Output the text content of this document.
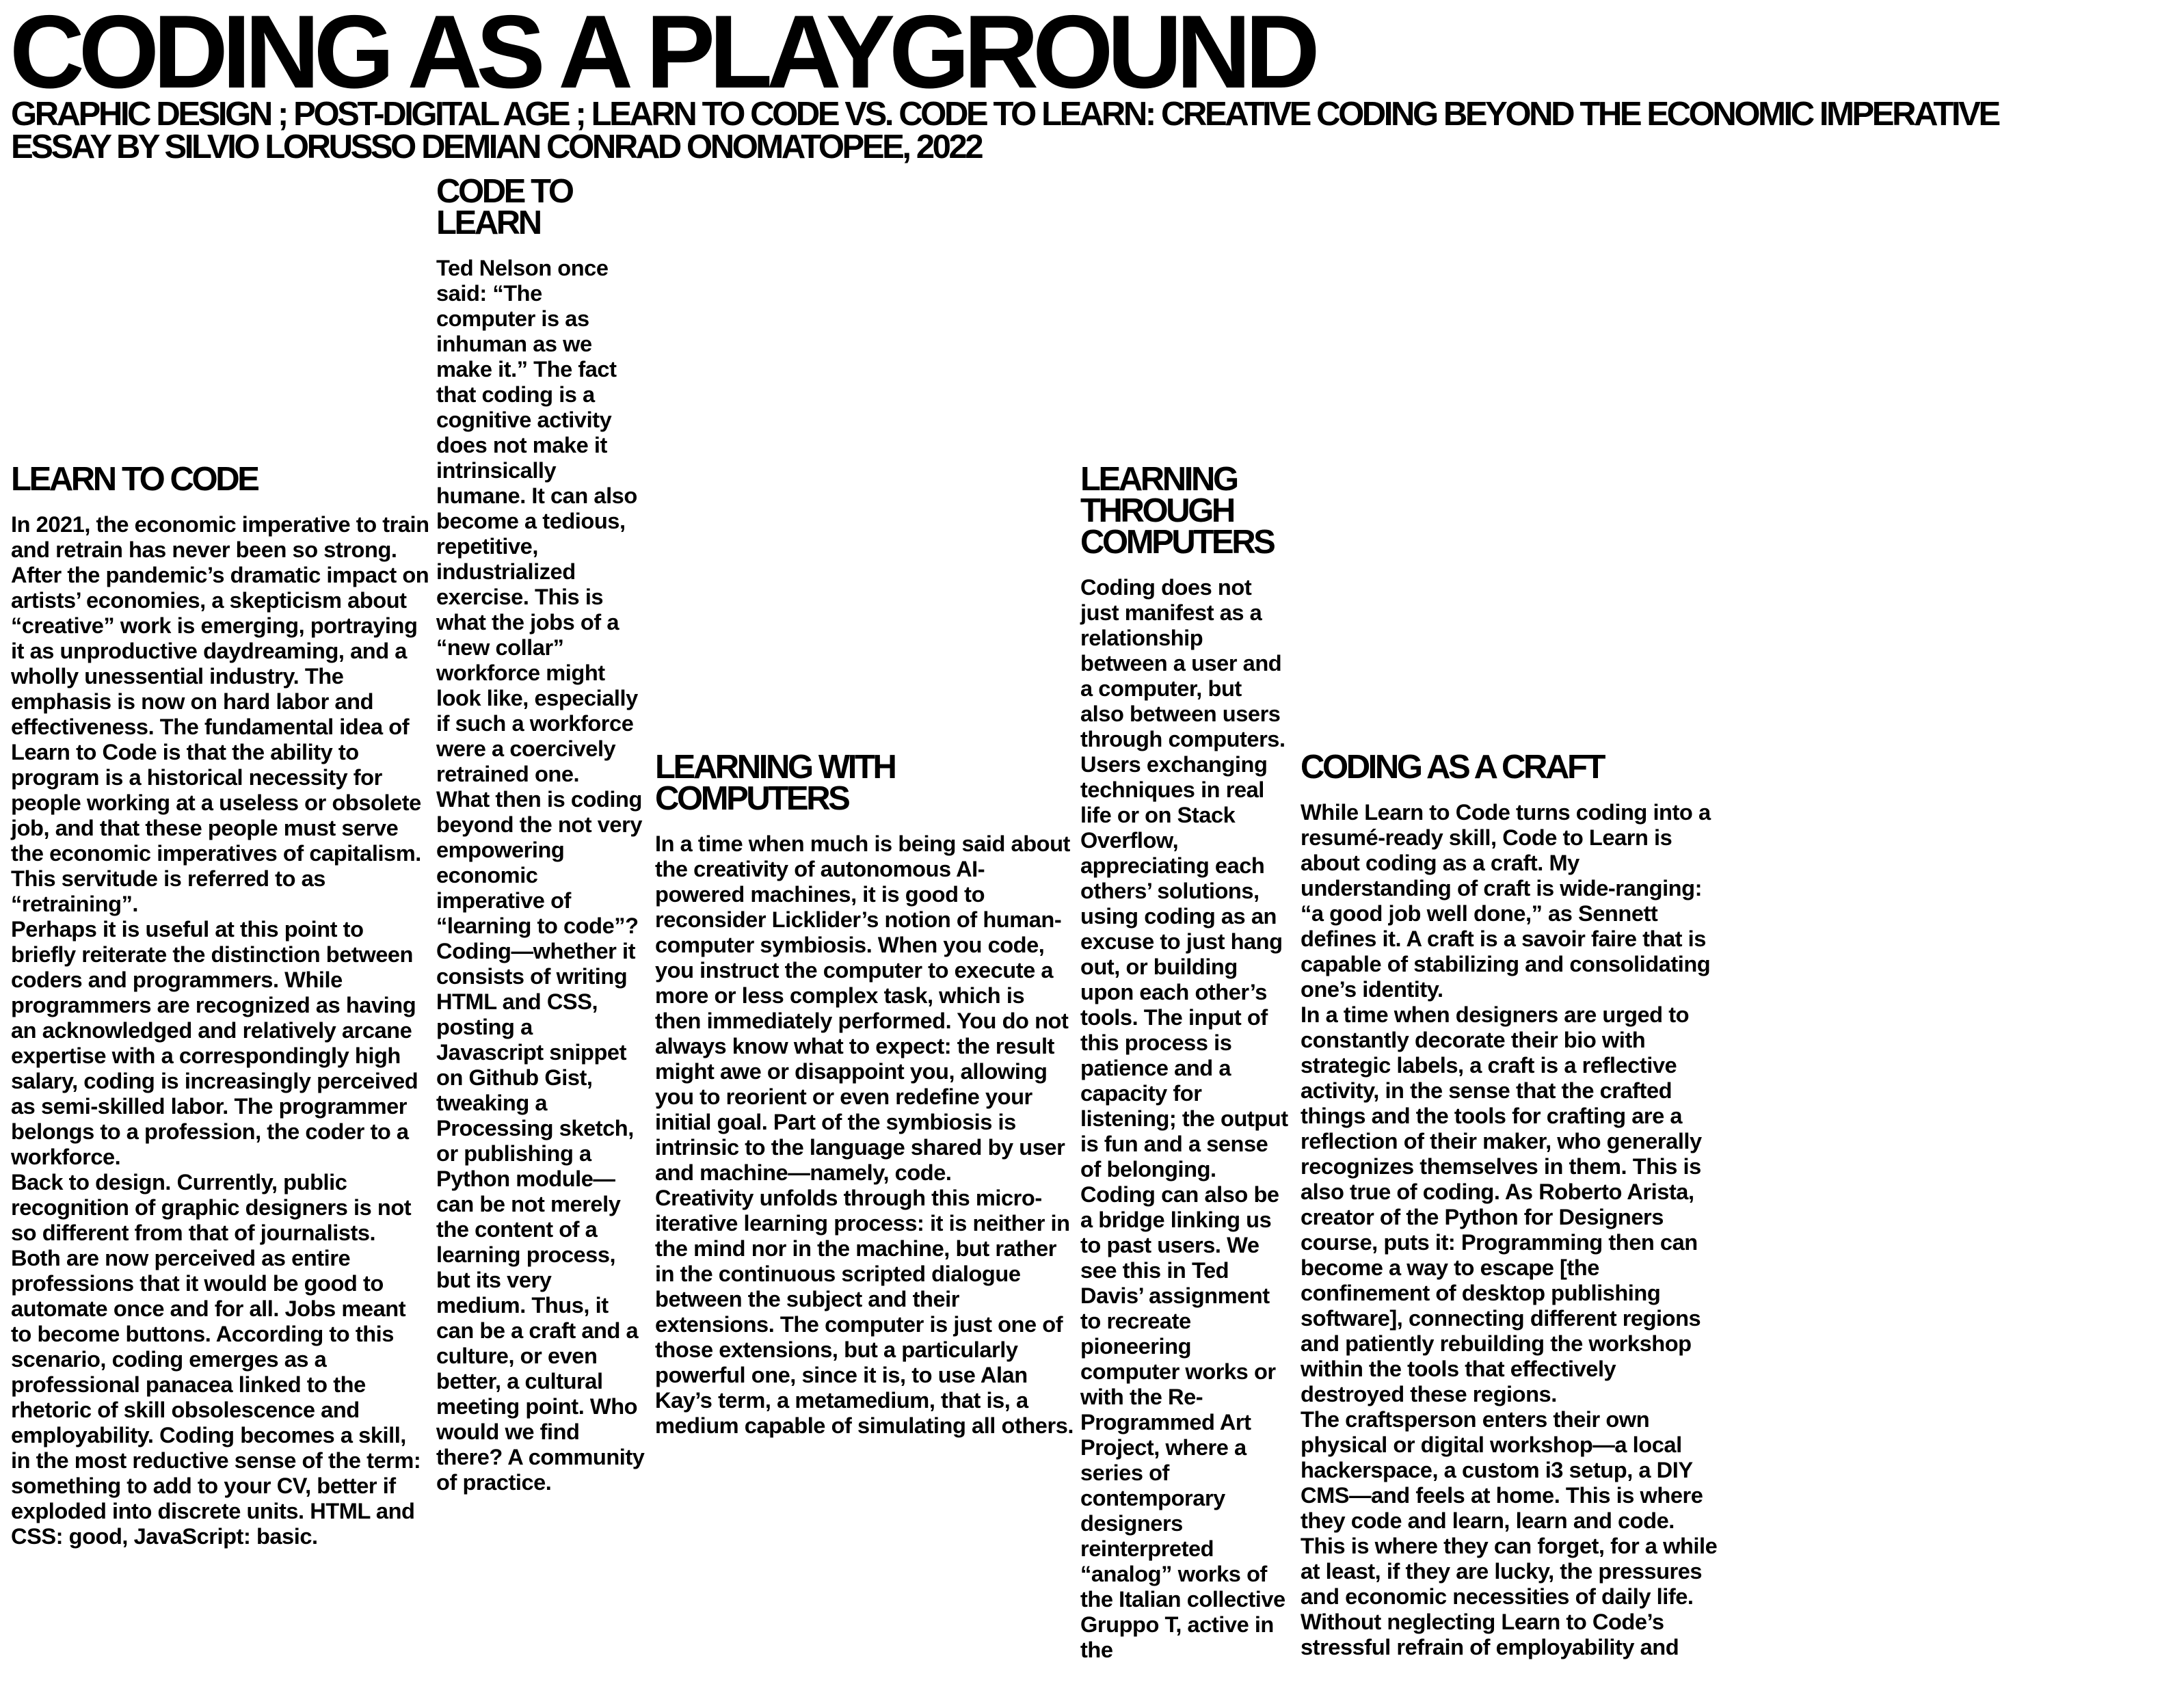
CODING AS A PLAYGROUND
GRAPHIC DESIGN ; POST-DIGITAL AGE ; LEARN TO CODE VS. CODE TO LEARN: CREATIVE CODING BEYOND THE ECONOMIC IMPERATIVE
ESSAY BY SILVIO LORUSSO DEMIAN CONRAD ONOMATOPEE, 2022
LEARN TO CODE

In 2021, the economic imperative to train and retrain has never been so strong. After the pandemic’s dramatic impact on artists’ economies, a skepticism about “creative” work is emerging, portraying it as unproductive daydreaming, and a wholly unessential industry. The emphasis is now on hard labor and effectiveness. The fundamental idea of Learn to Code is that the ability to program is a historical necessity for people working at a useless or obsolete job, and that these people must serve the economic imperatives of capitalism. This servitude is referred to as “retraining”.

Perhaps it is useful at this point to briefly reiterate the distinction between coders and programmers. While programmers are recognized as having an acknowledged and relatively arcane expertise with a correspondingly high salary, coding is increasingly perceived as semi-skilled labor. The programmer belongs to a profession, the coder to a workforce.

Back to design. Currently, public recognition of graphic designers is not so different from that of journalists. Both are now perceived as entire professions that it would be good to automate once and for all. Jobs meant to become buttons. According to this scenario, coding emerges as a professional panacea linked to the rhetoric of skill obsolescence and employability. Coding becomes a skill, in the most reductive sense of the term: something to add to your CV, better if exploded into discrete units. HTML and CSS: good, JavaScript: basic.

CODE TO LEARN

Ted Nelson once said: “The computer is as inhuman as we make it.” The fact that coding is a cognitive activity does not make it intrinsically humane. It can also become a tedious, repetitive, industrialized exercise. This is what the jobs of a “new collar” workforce might look like, especially if such a workforce were a coercively retrained one.

What then is coding beyond the not very empowering economic imperative of “learning to code”? Coding—whether it consists of writing HTML and CSS, posting a Javascript snippet on Github Gist, tweaking a Processing sketch, or publishing a Python module—can be not merely the content of a learning process, but its very medium. Thus, it can be a craft and a culture, or even better, a cultural meeting point. Who would we find there? A community of practice.

LEARNING WITH COMPUTERS

In a time when much is being said about the creativity of autonomous AI-powered machines, it is good to reconsider Licklider’s notion of human-computer symbiosis. When you code, you instruct the computer to execute a more or less complex task, which is then immediately performed. You do not always know what to expect: the result might awe or disappoint you, allowing you to reorient or even redefine your initial goal. Part of the symbiosis is intrinsic to the language shared by user and machine—namely, code.

Creativity unfolds through this micro-iterative learning process: it is neither in the mind nor in the machine, but rather in the continuous scripted dialogue between the subject and their extensions. The computer is just one of those extensions, but a particularly powerful one, since it is, to use Alan Kay’s term, a metamedium, that is, a medium capable of simulating all others.

LEARNING THROUGH COMPUTERS

Coding does not just manifest as a relationship between a user and a computer, but also between users through computers. Users exchanging techniques in real life or on Stack Overflow, appreciating each others’ solutions, using coding as an excuse to just hang out, or building upon each other’s tools. The input of this process is patience and a capacity for listening; the output is fun and a sense of belonging.

Coding can also be a bridge linking us to past users. We see this in Ted Davis’ assignment to recreate pioneering computer works or with the Re-Programmed Art Project, where a series of contemporary designers reinterpreted “analog” works of the Italian collective Gruppo T, active in the

CODING AS A CRAFT

While Learn to Code turns coding into a resumé-ready skill, Code to Learn is about coding as a craft. My understanding of craft is wide-ranging: “a good job well done,” as Sennett defines it. A craft is a savoir faire that is capable of stabilizing and consolidating one’s identity.

In a time when designers are urged to constantly decorate their bio with strategic labels, a craft is a reflective activity, in the sense that the crafted things and the tools for crafting are a reflection of their maker, who generally recognizes themselves in them. This is also true of coding. As Roberto Arista, creator of the Python for Designers course, puts it: Programming then can become a way to escape [the confinement of desktop publishing software], connecting different regions and patiently rebuilding the workshop within the tools that effectively destroyed these regions.

The craftsperson enters their own physical or digital workshop—a local hackerspace, a custom i3 setup, a DIY CMS—and feels at home. This is where they code and learn, learn and code. This is where they can forget, for a while at least, if they are lucky, the pressures and economic necessities of daily life.

Without neglecting Learn to Code’s stressful refrain of employability and
